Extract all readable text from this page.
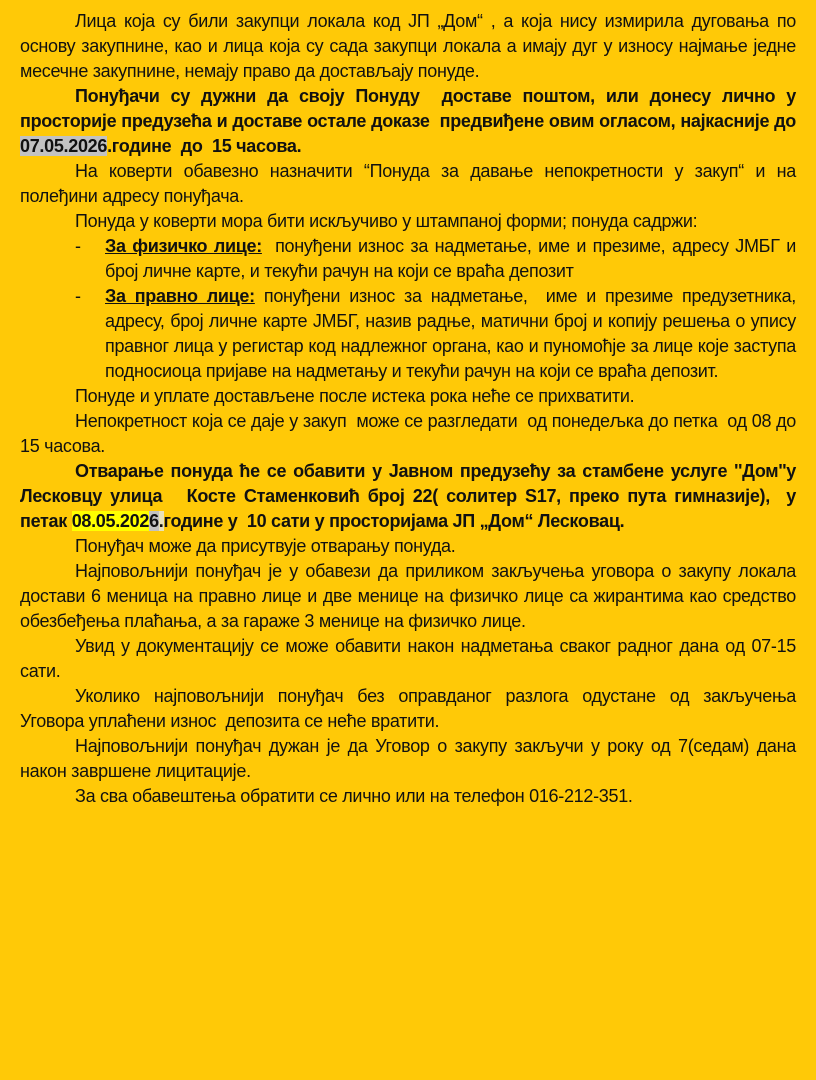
Лица која су били закупци локала код ЈП „Дом“ , а која нису измирила дуговања по основу закупнине, као и лица која су сада закупци локала а имају дуг у износу најмање једне месечне закупнине, немају право да достављају понуде.

Понуђачи су дужни да своју Понуду  доставе поштом, или донесу лично у просторије предузећа и доставе остале доказе  предвиђене овим огласом, најкасније до 07.05.2026.године  до  15 часова.

На коверти обавезно назначити “Понуда за давање непокретности у закуп“ и на полеђини адресу понуђача.

Понуда у коверти мора бити искључиво у штампаној форми; понуда садржи:

- За физичко лице:  понуђени износ за надметање, име и презиме, адресу ЈМБГ и број личне карте, и текући рачун на који се враћа депозит
- За правно лице: понуђени износ за надметање,  име и презиме предузетника, адресу, број личне карте ЈМБГ, назив радње, матични број и копију решења о упису правног лица у регистар код надлежног органа, као и пуномоћје за лице које заступа подносиоца пријаве на надметању и текући рачун на који се враћа депозит.

Понуде и уплате достављене после истека рока неће се прихватити.

Непокретност која се даје у закуп  може се разгледати  од понедељка до петка  од 08 до 15 часова.

Отварање понуда ће се обавити у Јавном предузећу за стамбене услуге ''Дом''у Лесковцу улица   Косте Стаменковић број 22( солитер S17, преко пута гимназије),  у петак 08.05.2026.године у  10 сати у просторијама ЈП „Дом“ Лесковац.

Понуђач може да присутвује отварању понуда.

Најповољнији понуђач је у обавези да приликом закључења уговора о закупу локала достави 6 меница на правно лице и две менице на физичко лице са жирантима као средство обезбеђења плаћања, а за гараже 3 менице на физичко лице.

Увид у документацију се може обавити након надметања сваког радног дана од 07-15 сати.

Уколико  најповољнији  понуђач  без  оправданог  разлога  одустане  од  закључења Уговора уплаћени износ  депозита се неће вратити.

Најповољнији понуђач дужан је да Уговор о закупу закључи у року од 7(седам) дана након завршене лицитације.

За сва обавештења обратити се лично или на телефон 016-212-351.
